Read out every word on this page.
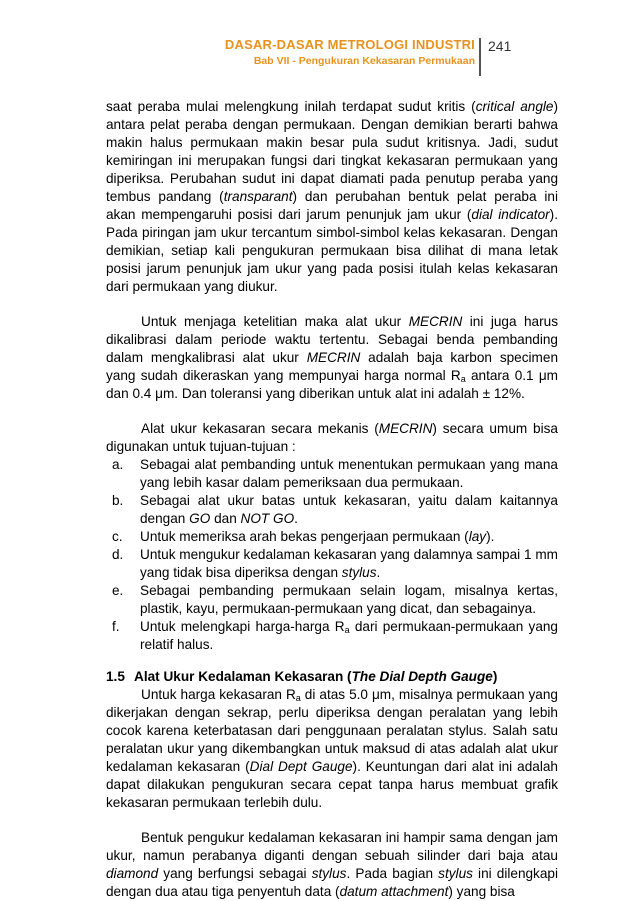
DASAR-DASAR METROLOGI INDUSTRI
Bab VII - Pengukuran Kekasaran Permukaan
241

saat peraba mulai melengkung inilah terdapat sudut kritis (critical angle) antara pelat peraba dengan permukaan. Dengan demikian berarti bahwa makin halus permukaan makin besar pula sudut kritisnya. Jadi, sudut kemiringan ini merupakan fungsi dari tingkat kekasaran permukaan yang diperiksa. Perubahan sudut ini dapat diamati pada penutup peraba yang tembus pandang (transparant) dan perubahan bentuk pelat peraba ini akan mempengaruhi posisi dari jarum penunjuk jam ukur (dial indicator). Pada piringan jam ukur tercantum simbol-simbol kelas kekasaran. Dengan demikian, setiap kali pengukuran permukaan bisa dilihat di mana letak posisi jarum penunjuk jam ukur yang pada posisi itulah kelas kekasaran dari permukaan yang diukur.

Untuk menjaga ketelitian maka alat ukur MECRIN ini juga harus dikalibrasi dalam periode waktu tertentu. Sebagai benda pembanding dalam mengkalibrasi alat ukur MECRIN adalah baja karbon specimen yang sudah dikeraskan yang mempunyai harga normal $R_a$ antara 0.1 μm dan 0.4 μm. Dan toleransi yang diberikan untuk alat ini adalah ± 12%.

Alat ukur kekasaran secara mekanis (MECRIN) secara umum bisa digunakan untuk tujuan-tujuan :

a.	Sebagai alat pembanding untuk menentukan permukaan yang mana yang lebih kasar dalam pemeriksaan dua permukaan.
b.	Sebagai alat ukur batas untuk kekasaran, yaitu dalam kaitannya dengan GO dan NOT GO.
c.	Untuk memeriksa arah bekas pengerjaan permukaan (lay).
d.	Untuk mengukur kedalaman kekasaran yang dalamnya sampai 1 mm yang tidak bisa diperiksa dengan stylus.
e.	Sebagai pembanding permukaan selain logam, misalnya kertas, plastik, kayu, permukaan-permukaan yang dicat, dan sebagainya.
f.	Untuk melengkapi harga-harga $R_a$ dari permukaan-permukaan yang relatif halus.

1.5 Alat Ukur Kedalaman Kekasaran (The Dial Depth Gauge)

Untuk harga kekasaran $R_a$ di atas 5.0 μm, misalnya permukaan yang dikerjakan dengan sekrap, perlu diperiksa dengan peralatan yang lebih cocok karena keterbatasan dari penggunaan peralatan stylus. Salah satu peralatan ukur yang dikembangkan untuk maksud di atas adalah alat ukur kedalaman kekasaran (Dial Dept Gauge). Keuntungan dari alat ini adalah dapat dilakukan pengukuran secara cepat tanpa harus membuat grafik kekasaran permukaan terlebih dulu.

Bentuk pengukur kedalaman kekasaran ini hampir sama dengan jam ukur, namun perabanya diganti dengan sebuah silinder dari baja atau diamond yang berfungsi sebagai stylus. Pada bagian stylus ini dilengkapi dengan dua atau tiga penyentuh data (datum attachment) yang bisa
